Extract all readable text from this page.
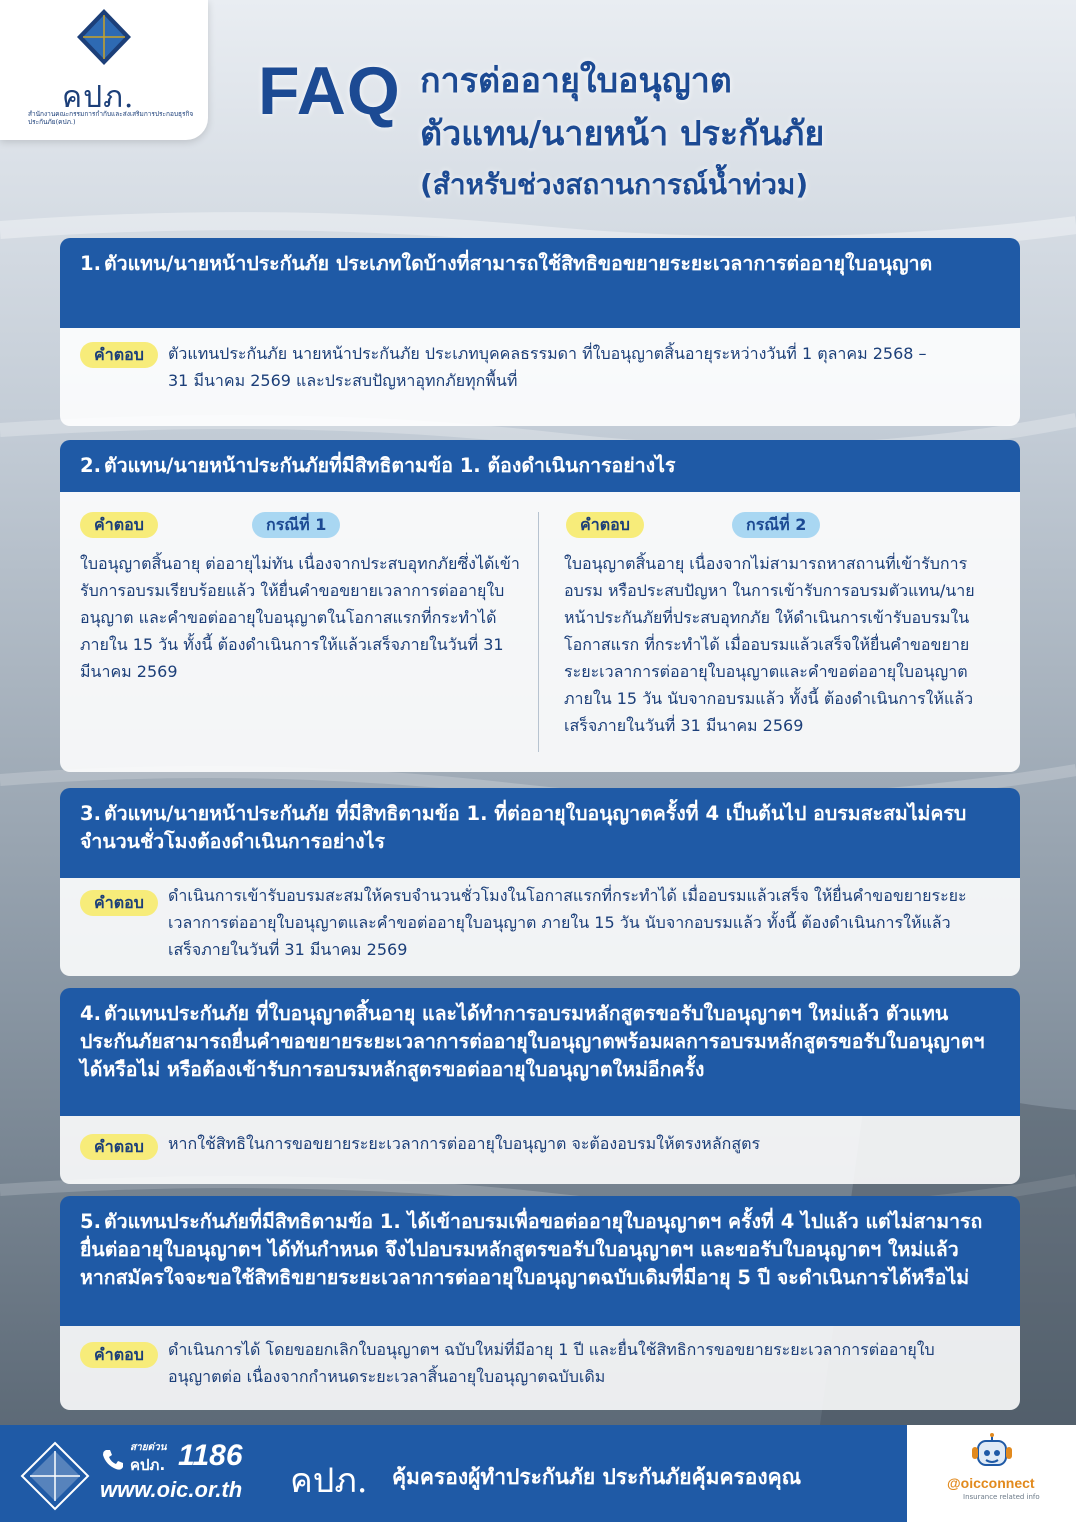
คปภ.
สำนักงานคณะกรรมการกำกับและส่งเสริมการประกอบธุรกิจประกันภัย(คปภ.)	FAQ การต่ออายุใบอนุญาต
ตัวแทน/นายหน้า ประกันภัย
(สำหรับช่วงสถานการณ์น้ำท่วม)
1. ตัวแทน/นายหน้าประกันภัย ประเภทใดบ้างที่สามารถใช้สิทธิขอขยายระยะเวลาการต่ออายุใบอนุญาต
คำตอบ	ตัวแทนประกันภัย นายหน้าประกันภัย ประเภทบุคคลธรรมดา ที่ใบอนุญาตสิ้นอายุระหว่างวันที่ 1 ตุลาคม 2568 – 31 มีนาคม 2569 และประสบปัญหาอุทกภัยทุกพื้นที่
2. ตัวแทน/นายหน้าประกันภัยที่มีสิทธิตามข้อ 1. ต้องดำเนินการอย่างไร
คำตอบ	กรณีที่ 1
ใบอนุญาตสิ้นอายุ ต่ออายุไม่ทัน เนื่องจากประสบอุทกภัยซึ่งได้เข้ารับการอบรมเรียบร้อยแล้ว ให้ยื่นคำขอขยายเวลาการต่ออายุใบอนุญาต และคำขอต่ออายุใบอนุญาตในโอกาสแรกที่กระทำได้ ภายใน 15 วัน ทั้งนี้ ต้องดำเนินการให้แล้วเสร็จภายในวันที่ 31 มีนาคม 2569
คำตอบ	กรณีที่ 2
ใบอนุญาตสิ้นอายุ เนื่องจากไม่สามารถหาสถานที่เข้ารับการอบรม หรือประสบปัญหา ในการเข้ารับการอบรมตัวแทน/นายหน้าประกันภัยที่ประสบอุทกภัย ให้ดำเนินการเข้ารับอบรมในโอกาสแรก ที่กระทำได้ เมื่ออบรมแล้วเสร็จให้ยื่นคำขอขยายระยะเวลาการต่ออายุใบอนุญาตและคำขอต่ออายุใบอนุญาต ภายใน 15 วัน นับจากอบรมแล้ว ทั้งนี้ ต้องดำเนินการให้แล้วเสร็จภายในวันที่ 31 มีนาคม 2569
3. ตัวแทน/นายหน้าประกันภัย ที่มีสิทธิตามข้อ 1. ที่ต่ออายุใบอนุญาตครั้งที่ 4 เป็นต้นไป อบรมสะสมไม่ครบจำนวนชั่วโมงต้องดำเนินการอย่างไร
คำตอบ	ดำเนินการเข้ารับอบรมสะสมให้ครบจำนวนชั่วโมงในโอกาสแรกที่กระทำได้ เมื่ออบรมแล้วเสร็จ ให้ยื่นคำขอขยายระยะเวลาการต่ออายุใบอนุญาตและคำขอต่ออายุใบอนุญาต ภายใน 15 วัน นับจากอบรมแล้ว ทั้งนี้ ต้องดำเนินการให้แล้วเสร็จภายในวันที่ 31 มีนาคม 2569
4. ตัวแทนประกันภัย ที่ใบอนุญาตสิ้นอายุ และได้ทำการอบรมหลักสูตรขอรับใบอนุญาตฯ ใหม่แล้ว ตัวแทนประกันภัยสามารถยื่นคำขอขยายระยะเวลาการต่ออายุใบอนุญาตพร้อมผลการอบรมหลักสูตรขอรับใบอนุญาตฯ ได้หรือไม่ หรือต้องเข้ารับการอบรมหลักสูตรขอต่ออายุใบอนุญาตใหม่อีกครั้ง
คำตอบ	หากใช้สิทธิในการขอขยายระยะเวลาการต่ออายุใบอนุญาต จะต้องอบรมให้ตรงหลักสูตร
5. ตัวแทนประกันภัยที่มีสิทธิตามข้อ 1. ได้เข้าอบรมเพื่อขอต่ออายุใบอนุญาตฯ ครั้งที่ 4 ไปแล้ว แต่ไม่สามารถยื่นต่ออายุใบอนุญาตฯ ได้ทันกำหนด จึงไปอบรมหลักสูตรขอรับใบอนุญาตฯ และขอรับใบอนุญาตฯ ใหม่แล้ว หากสมัครใจจะขอใช้สิทธิขยายระยะเวลาการต่ออายุใบอนุญาตฉบับเดิมที่มีอายุ 5 ปี จะดำเนินการได้หรือไม่
คำตอบ	ดำเนินการได้ โดยขอยกเลิกใบอนุญาตฯ ฉบับใหม่ที่มีอายุ 1 ปี และยื่นใช้สิทธิการขอขยายระยะเวลาการต่ออายุใบอนุญาตต่อ เนื่องจากกำหนดระยะเวลาสิ้นอายุใบอนุญาตฉบับเดิม
สายด่วน
คปภ. 1186
www.oic.or.th คปภ. คุ้มครองผู้ทำประกันภัย ประกันภัยคุ้มครองคุณ	@oicconnect
Insurance related info
